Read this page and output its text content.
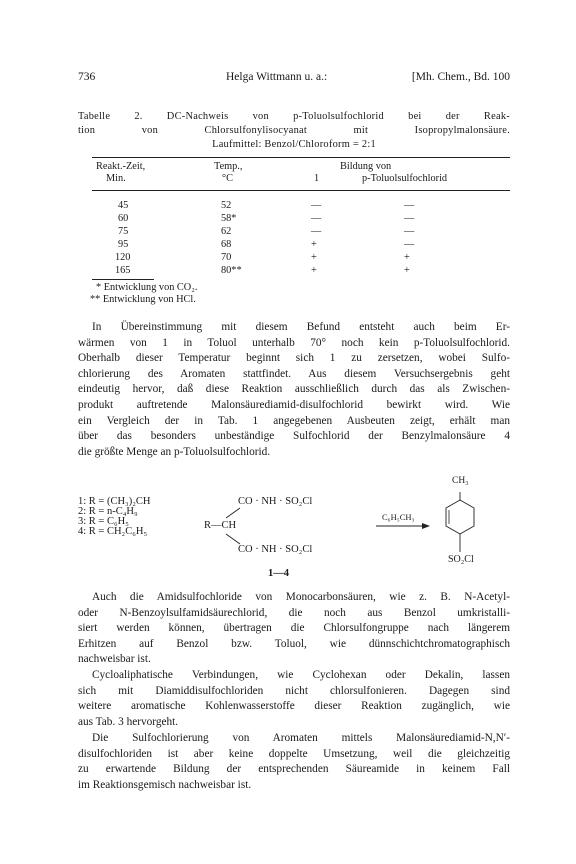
736	Helga Wittmann u. a.:	[Mh. Chem., Bd. 100
Tabelle 2. DC-Nachweis von p-Toluolsulfochlorid bei der Reak-
tion von Chlorsulfonylisocyanat mit Isopropylmalonsäure.
Laufmittel: Benzol/Chloroform = 2:1
Reakt.-Zeit,
Min.
Temp.,
°C
Bildung von
1	p-Toluolsulfochlorid
45	52	—	—
60	58*	—	—
75	62	—	—
95	68	+	—
120	70	+	+
165	80**	+	+
* Entwicklung von CO₂.
** Entwicklung von HCl.
In Übereinstimmung mit diesem Befund entsteht auch beim Er-
wärmen von 1 in Toluol unterhalb 70° noch kein p-Toluolsulfochlorid.
Oberhalb dieser Temperatur beginnt sich 1 zu zersetzen, wobei Sulfo-
chlorierung des Aromaten stattfindet. Aus diesem Versuchsergebnis geht
eindeutig hervor, daß diese Reaktion ausschließlich durch das als Zwischen-
produkt auftretende Malonsäurediamid-disulfochlorid bewirkt wird. Wie
ein Vergleich der in Tab. 1 angegebenen Ausbeuten zeigt, erhält man
über das besonders unbeständige Sulfochlorid der Benzylmalonsäure 4
die größte Menge an p-Toluolsulfochlorid.
1: R = (CH₃)₂CH
2: R = n-C₄H₉
3: R = C₆H₅
4: R = CH₂C₆H₅
CO · NH · SO₂Cl
R—CH
CO · NH · SO₂Cl
1—4
C₆H₅CH₃
CH₃
SO₂Cl
Auch die Amidsulfochloride von Monocarbonsäuren, wie z. B. N-Acetyl-
oder N-Benzoylsulfamidsäurechlorid, die noch aus Benzol umkristalli-
siert werden können, übertragen die Chlorsulfongruppe nach längerem
Erhitzen auf Benzol bzw. Toluol, wie dünnschichtchromatographisch
nachweisbar ist.
Cycloaliphatische Verbindungen, wie Cyclohexan oder Dekalin, lassen
sich mit Diamiddisulfochloriden nicht chlorsulfonieren. Dagegen sind
weitere aromatische Kohlenwasserstoffe dieser Reaktion zugänglich, wie
aus Tab. 3 hervorgeht.
Die Sulfochlorierung von Aromaten mittels Malonsäurediamid-N,N′-
disulfochloriden ist aber keine doppelte Umsetzung, weil die gleichzeitig
zu erwartende Bildung der entsprechenden Säureamide in keinem Fall
im Reaktionsgemisch nachweisbar ist.
